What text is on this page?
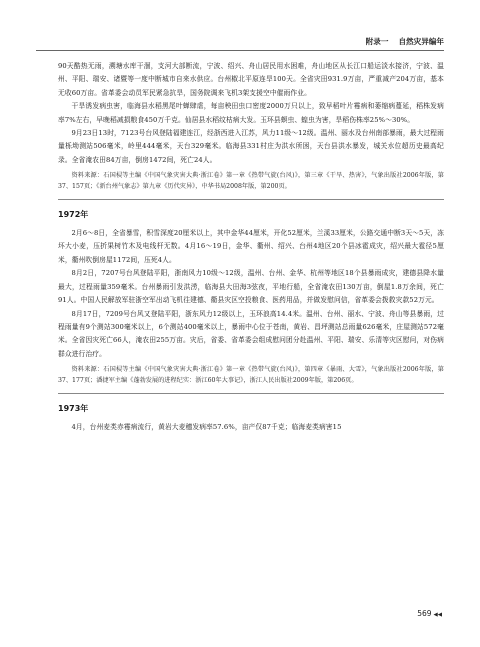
附录一 自然灾异编年

90天酷热无雨，溯塘水库干涸，支河大部断流，宁波、绍兴、舟山居民用水困难，舟山地区从长江口船运淡水接济，宁波、温州、平阳、瑞安、诸暨等一度中断城市自来水供应。台州椒北平原连旱100天。全省灾田931.9万亩，严重减产204万亩，基本无收60万亩。省革委会动员军民紧急抗旱，国务院调来飞机3架支援空中催雨作业。

干旱诱发病虫害，临海县水稻黑尾叶蝉肆虐，每亩秧田虫口密度2000万只以上，致早稻叶片霉病和萎缩病蔓延，稻株发病率7%左右，早晚稻减损粮食450万千克。仙居县水稻纹枯病大发。玉环县螟虫、蝗虫为害，旱稻伤株率25%～30%。

9月23日13时，7123号台风登陆福建连江，经浙西进入江苏，风力11级～12级。温州、丽水及台州南部暴雨，最大过程雨量栎坳测站506毫米，岭里444毫米，天台329毫米。临海县331村庄为洪水所困，天台县洪水暴发，城关水位超历史最高纪录。全省淹农田84万亩，倒房1472间，死亡24人。

资料来源：石国棂等主编《中国气象灾害大典·浙江卷》第一章《热带气旋(台风)》，第三章《干旱、热害》，气象出版社2006年版，第37、157页；《新台州气象志》第九章《历代灾异》，中华书局2008年版，第200页。

1972年

2月6～8日，全省暴雪，积雪深度20厘米以上，其中金华44厘米，开化52厘米，兰溪33厘米，公路交通中断3天～5天，冻坏大小麦，压折果树竹木及电线杆无数。4月16～19日，金华、衢州、绍兴、台州4地区20个县冰雹成灾，绍兴最大雹径5厘米，衢州吹倒房屋1172间，压死4人。

8月2日，7207号台风登陆平阳，浙南风力10级～12级，温州、台州、金华、杭州等地区18个县暴雨成灾，建德县降水量最大，过程雨量359毫米。台州暴雨引发洪涝，临海县大田海3弦夜，平地行船，全省淹农田130万亩，倒屋1.8万余间，死亡91人。中国人民解放军驻浙空军出动飞机往建德、衢县灾区空投粮食、医药用品，并做发慰问信，省革委会拨救灾款52万元。

8月17日，7209号台风又登陆平阳，浙东风力12级以上，玉环浪高14.4米。温州、台州、丽水、宁波、舟山等县暴雨，过程雨量有9个测站300毫米以上，6个测站400毫米以上，暴雨中心位于苍南，黄岩、昌坪测站总雨量626毫米，庄屋测站572毫米。全省因灾死亡66人，淹农田255万亩。灾后，省委、省革委会组成慰问团分赴温州、平阳、瑞安、乐清等灾区慰问，对伤病群众进行治疗。

资料来源：石国棂等主编《中国气象灾害大典·浙江卷》第一章《热带气旋(台风)》，第四章《暴雨、大雪》，气象出版社2006年版，第37、177页；潘捷军主编《蓬勃发展的进程纪实：浙江60年大事记》，浙江人民出版社2009年版，第206页。

1973年

4月，台州麦类赤霉病流行，黄岩大麦穗发病率57.6%，亩产仅87千克；临海麦类病害15

569 ◀◀
